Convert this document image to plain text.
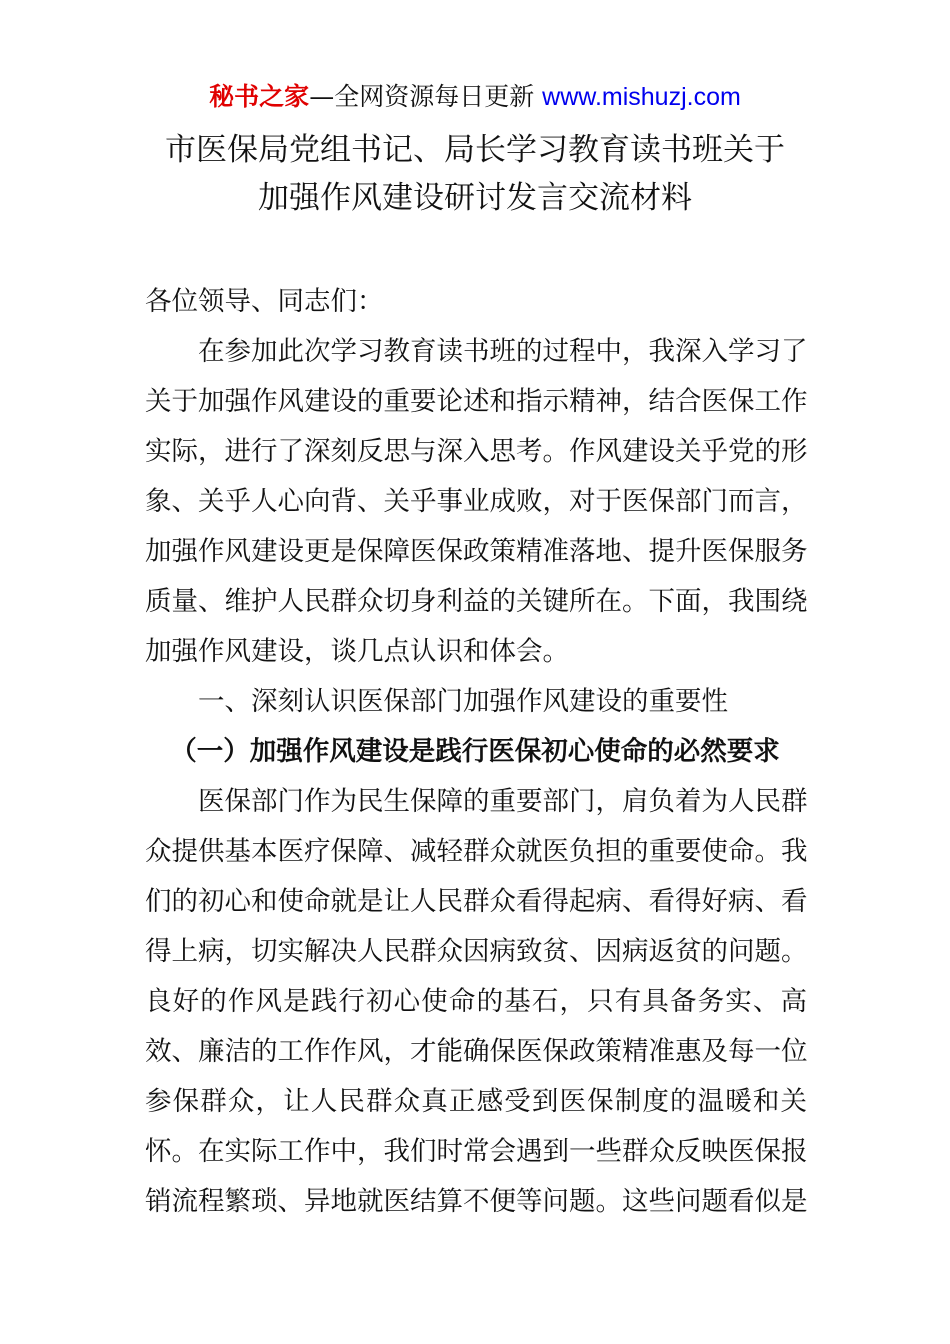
秘书之家—全网资源每日更新 www.mishuzj.com
市医保局党组书记、局长学习教育读书班关于
加强作风建设研讨发言交流材料
各位领导、同志们：
在参加此次学习教育读书班的过程中，我深入学习了
关于加强作风建设的重要论述和指示精神，结合医保工作
实际，进行了深刻反思与深入思考。作风建设关乎党的形
象、关乎人心向背、关乎事业成败，对于医保部门而言，
加强作风建设更是保障医保政策精准落地、提升医保服务
质量、维护人民群众切身利益的关键所在。下面，我围绕
加强作风建设，谈几点认识和体会。
一、深刻认识医保部门加强作风建设的重要性
（一）加强作风建设是践行医保初心使命的必然要求
医保部门作为民生保障的重要部门，肩负着为人民群
众提供基本医疗保障、减轻群众就医负担的重要使命。我
们的初心和使命就是让人民群众看得起病、看得好病、看
得上病，切实解决人民群众因病致贫、因病返贫的问题。
良好的作风是践行初心使命的基石，只有具备务实、高
效、廉洁的工作作风，才能确保医保政策精准惠及每一位
参保群众，让人民群众真正感受到医保制度的温暖和关
怀。在实际工作中，我们时常会遇到一些群众反映医保报
销流程繁琐、异地就医结算不便等问题。这些问题看似是
